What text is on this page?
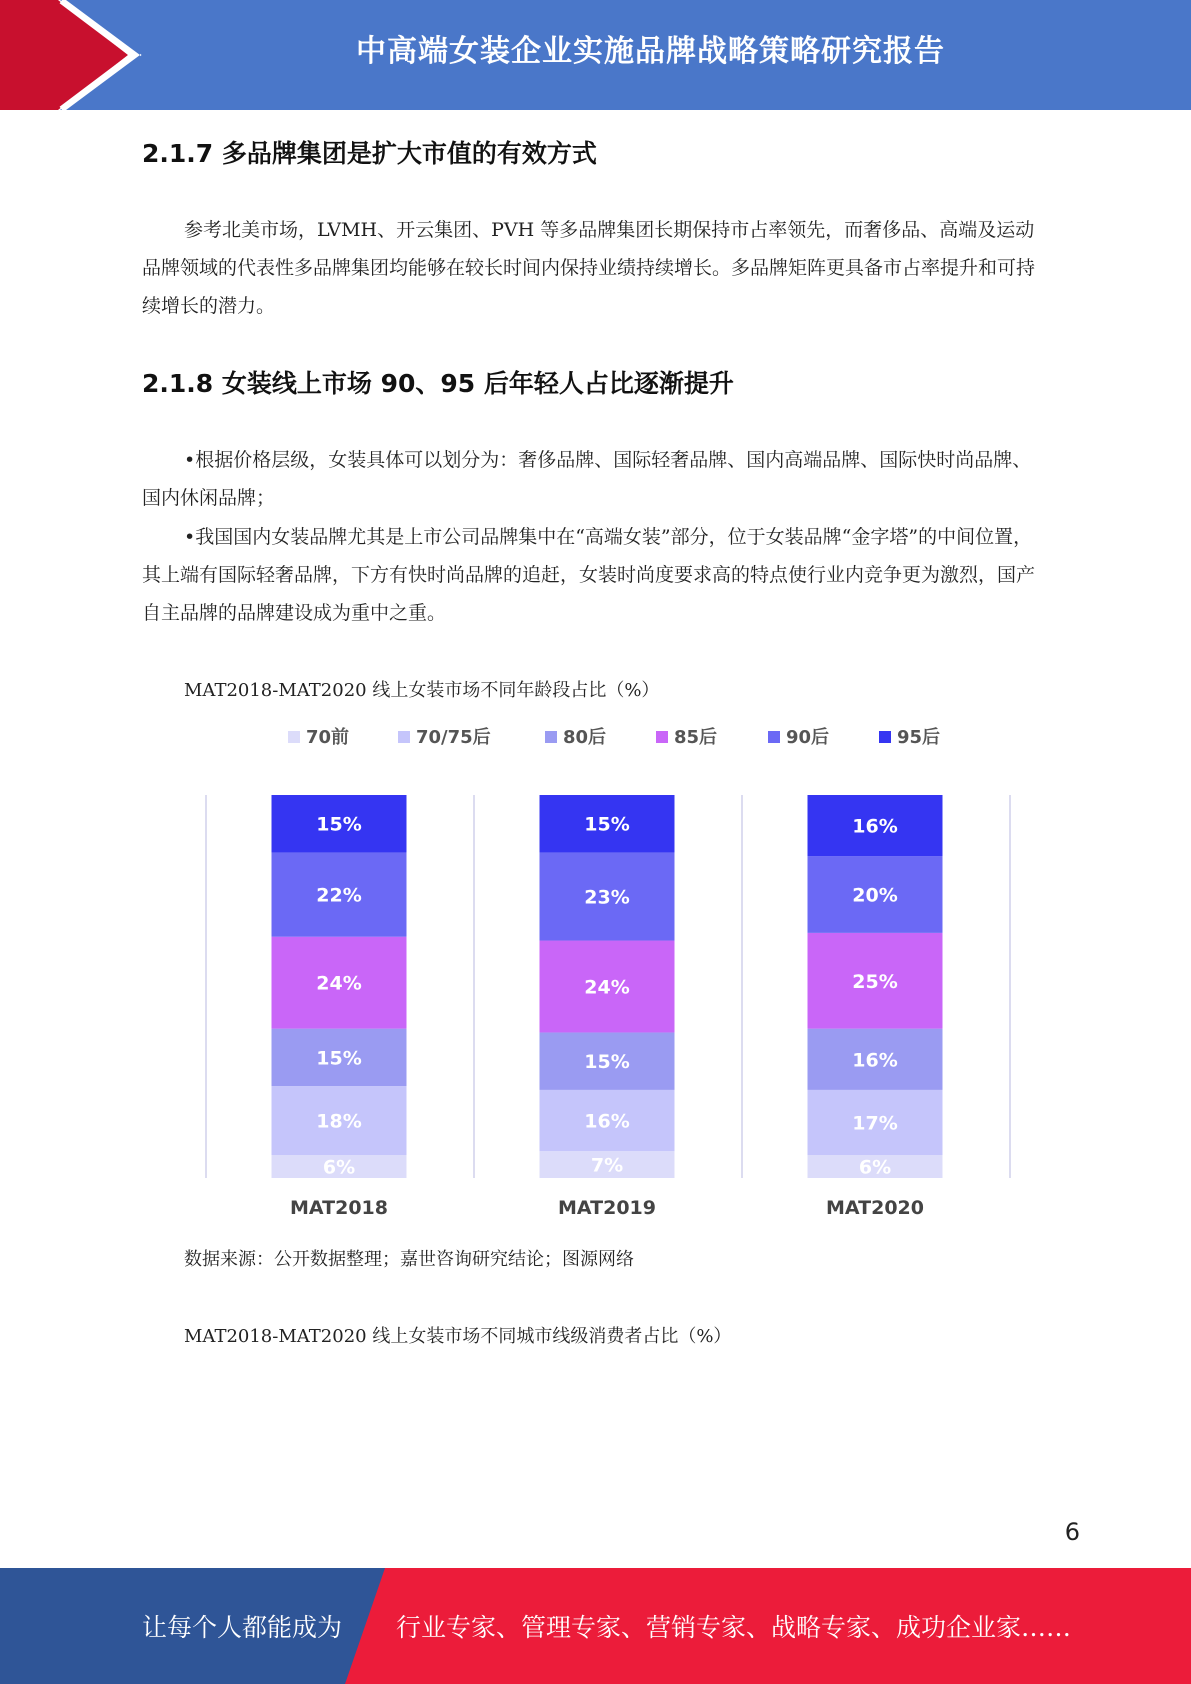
中高端女装企业实施品牌战略策略研究报告
2.1.7 多品牌集团是扩大市值的有效方式

参考北美市场，LVMH、开云集团、PVH 等多品牌集团长期保持市占率领先，而奢侈品、高端及运动品牌领域的代表性多品牌集团均能够在较长时间内保持业绩持续增长。多品牌矩阵更具备市占率提升和可持续增长的潜力。

2.1.8 女装线上市场 90、95 后年轻人占比逐渐提升

•根据价格层级，女装具体可以划分为：奢侈品牌、国际轻奢品牌、国内高端品牌、国际快时尚品牌、国内休闲品牌；

•我国国内女装品牌尤其是上市公司品牌集中在“高端女装”部分，位于女装品牌“金字塔”的中间位置，其上端有国际轻奢品牌，下方有快时尚品牌的追赶，女装时尚度要求高的特点使行业内竞争更为激烈，国产自主品牌的品牌建设成为重中之重。

MAT2018-MAT2020 线上女装市场不同年龄段占比（%）
70前	70/75后	80后	85后	90后	95后
6%
18%
15%
24%
22%
15%
MAT2018
7%
16%
15%
24%
23%
15%
MAT2019
6%
17%
16%
25%
20%
16%
MAT2020
数据来源：公开数据整理；嘉世咨询研究结论；图源网络
MAT2018-MAT2020 线上女装市场不同城市线级消费者占比（%）
6
让每个人都能成为 行业专家、管理专家、营销专家、战略专家、成功企业家……
